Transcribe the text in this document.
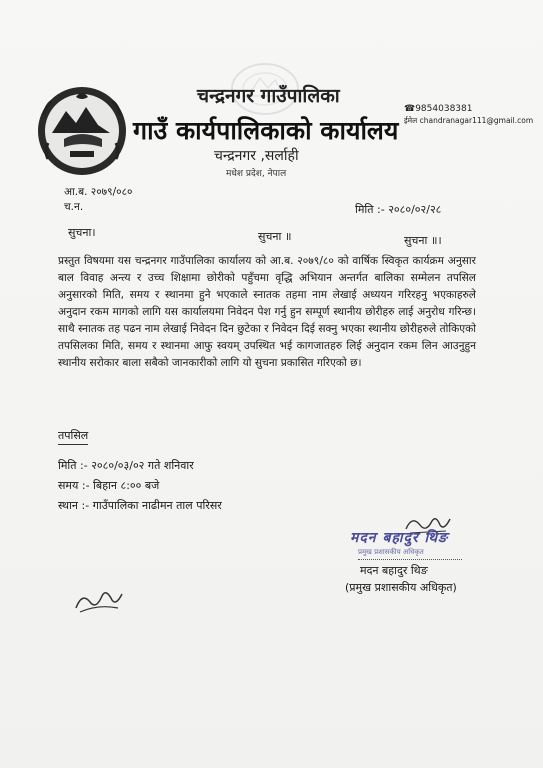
चन्द्रनगर गाउँपालिका
गाउँ कार्यपालिकाको कार्यालय
चन्द्रनगर ,सर्लाही
मधेश प्रदेश, नेपाल
☎9854038381
ईमेल chandranagar111@gmail.com
आ.ब. २०७९/०८०
च.न.	मिति :- २०८०/०२/२८
सुचना।	सुचना ॥	सुचना ॥।
प्रस्तुत विषयमा यस चन्द्रनगर गाउँपालिका कार्यालय को आ.ब. २०७९/८० को वार्षिक स्विकृत कार्यक्रम अनुसार बाल विवाह अन्त्य र उच्च शिक्षामा छोरीको पहुँचमा वृद्धि अभियान अन्तर्गत बालिका सम्मेलन तपसिल अनुसारको मिति, समय र स्थानमा हुने भएकाले स्नातक तहमा नाम लेखाई अध्ययन गरिरहनु भएकाहरुले अनुदान रकम मागको लागि यस कार्यालयमा निवेदन पेश गर्नु हुन सम्पूर्ण स्थानीय छोरीहरु लाई अनुरोध गरिन्छ। साथै स्नातक तह पढन नाम लेखाई निवेदन दिन छुटेका र निवेदन दिई सक्नु भएका स्थानीय छोरीहरुले तोकिएको तपसिलका मिति, समय र स्थानमा आफु स्वयम् उपस्थित भई कागजातहरु लिई अनुदान रकम लिन आउनुहुन स्थानीय सरोकार बाला सबैको जानकारीको लागि यो सुचना प्रकासित गरिएको छ।
तपसिल
मिति :- २०८०/०३/०२ गते शनिवार
समय :- बिहान ८:०० बजे
स्थान :- गाउँपालिका नाढीमन ताल परिसर
मदन बहादुर थिङ
प्रमुख प्रशासकीय अधिकृत
मदन बहादुर थिङ
(प्रमुख प्रशासकीय अधिकृत)
